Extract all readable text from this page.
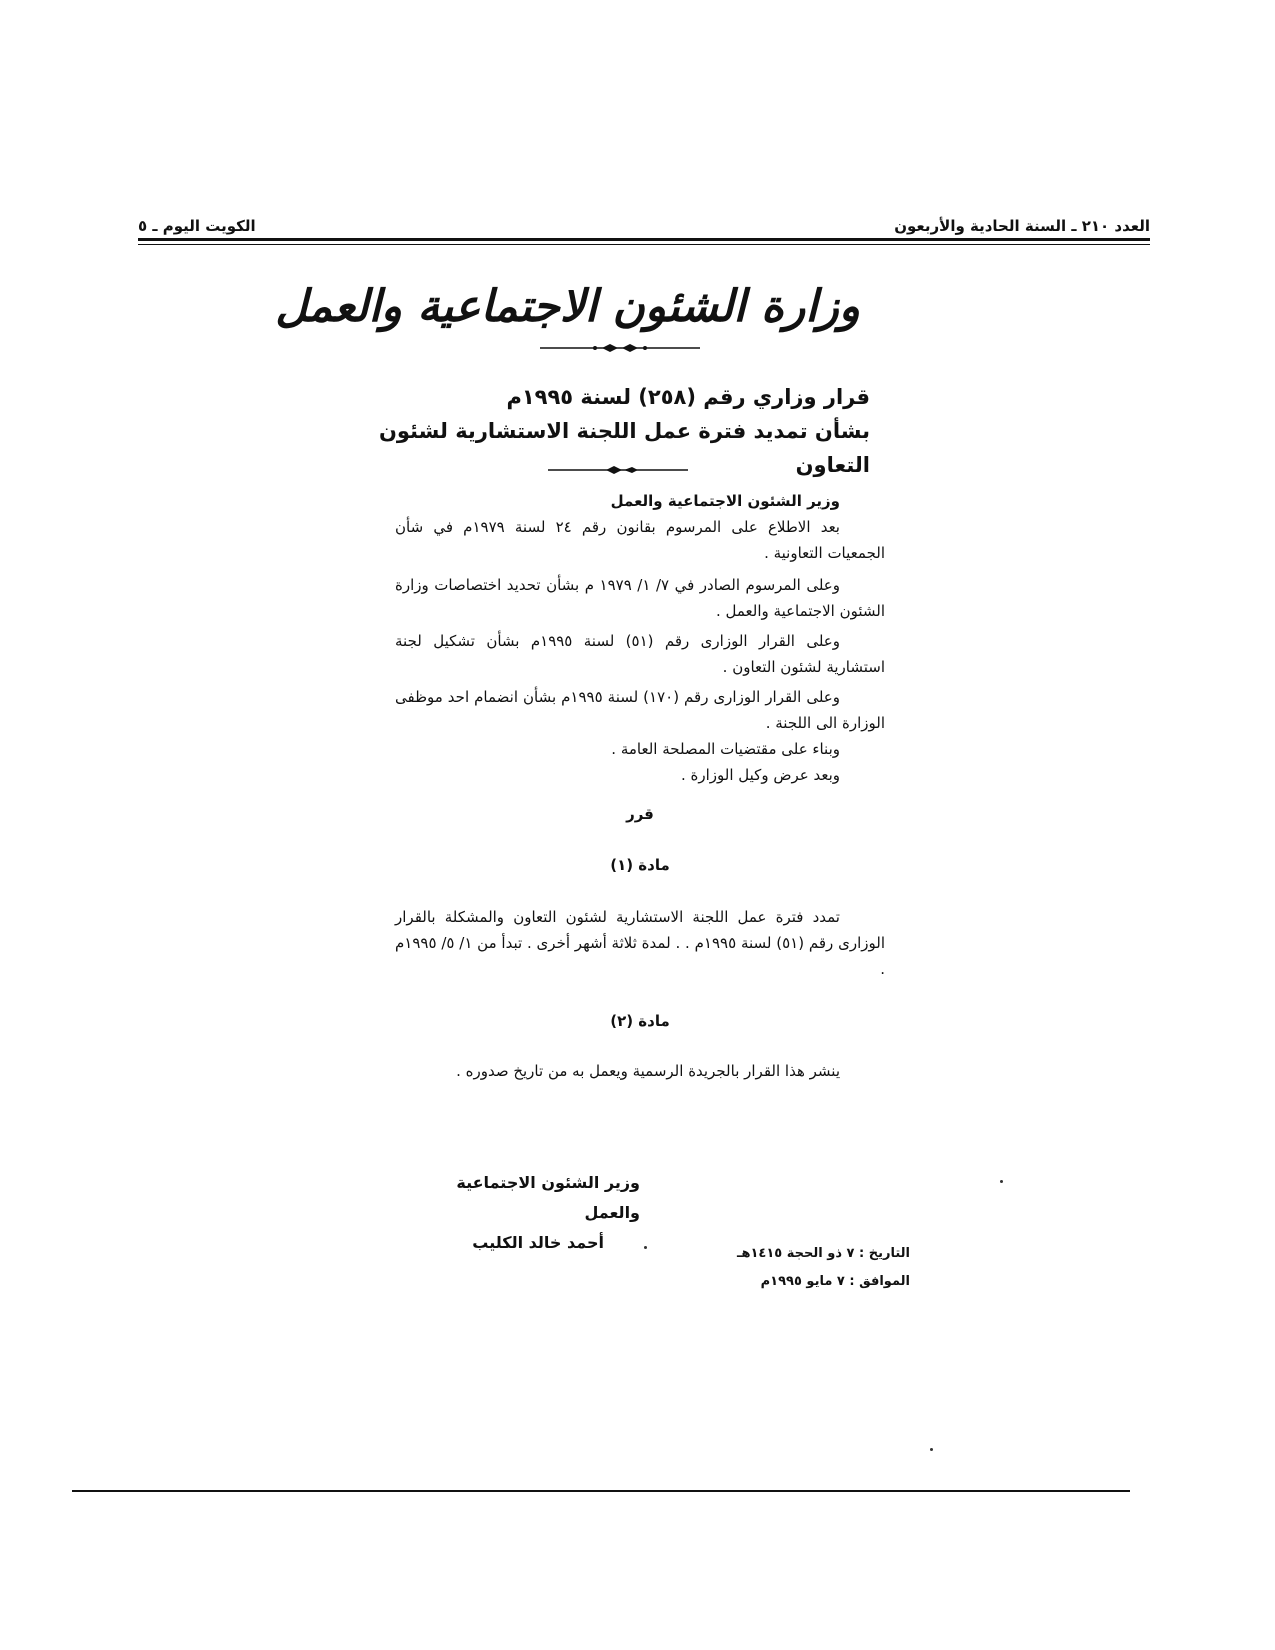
العدد ٢١٠ ـ السنة الحادية والأربعون
الكويت اليوم ـ ٥
وزارة الشئون الاجتماعية والعمل
قرار وزاري رقم (٢٥٨) لسنة ١٩٩٥م
بشأن تمديد فترة عمل اللجنة الاستشارية لشئون
التعاون
وزير الشئون الاجتماعية والعمل
بعد الاطلاع على المرسوم بقانون رقم ٢٤ لسنة ١٩٧٩م في شأن الجمعيات التعاونية .
وعلى المرسوم الصادر في ٧/ ١/ ١٩٧٩ م بشأن تحديد اختصاصات وزارة الشئون الاجتماعية والعمل .
وعلى القرار الوزارى رقم (٥١) لسنة ١٩٩٥م بشأن تشكيل لجنة استشارية لشئون التعاون .
وعلى القرار الوزارى رقم (١٧٠) لسنة ١٩٩٥م بشأن انضمام احد موظفى الوزارة الى اللجنة .
وبناء على مقتضيات المصلحة العامة .
وبعد عرض وكيل الوزارة .
قرر
مادة (١)
تمدد فترة عمل اللجنة الاستشارية لشئون التعاون والمشكلة بالقرار الوزارى رقم (٥١) لسنة ١٩٩٥م . . لمدة ثلاثة أشهر أخرى . تبدأ من ١/ ٥/ ١٩٩٥م .
مادة (٢)
ينشر هذا القرار بالجريدة الرسمية ويعمل به من تاريخ صدوره .
وزير الشئون الاجتماعية والعمل
أحمد خالد الكليب
التاريخ : ٧ ذو الحجة ١٤١٥هـ
الموافق : ٧ مايو ١٩٩٥م
